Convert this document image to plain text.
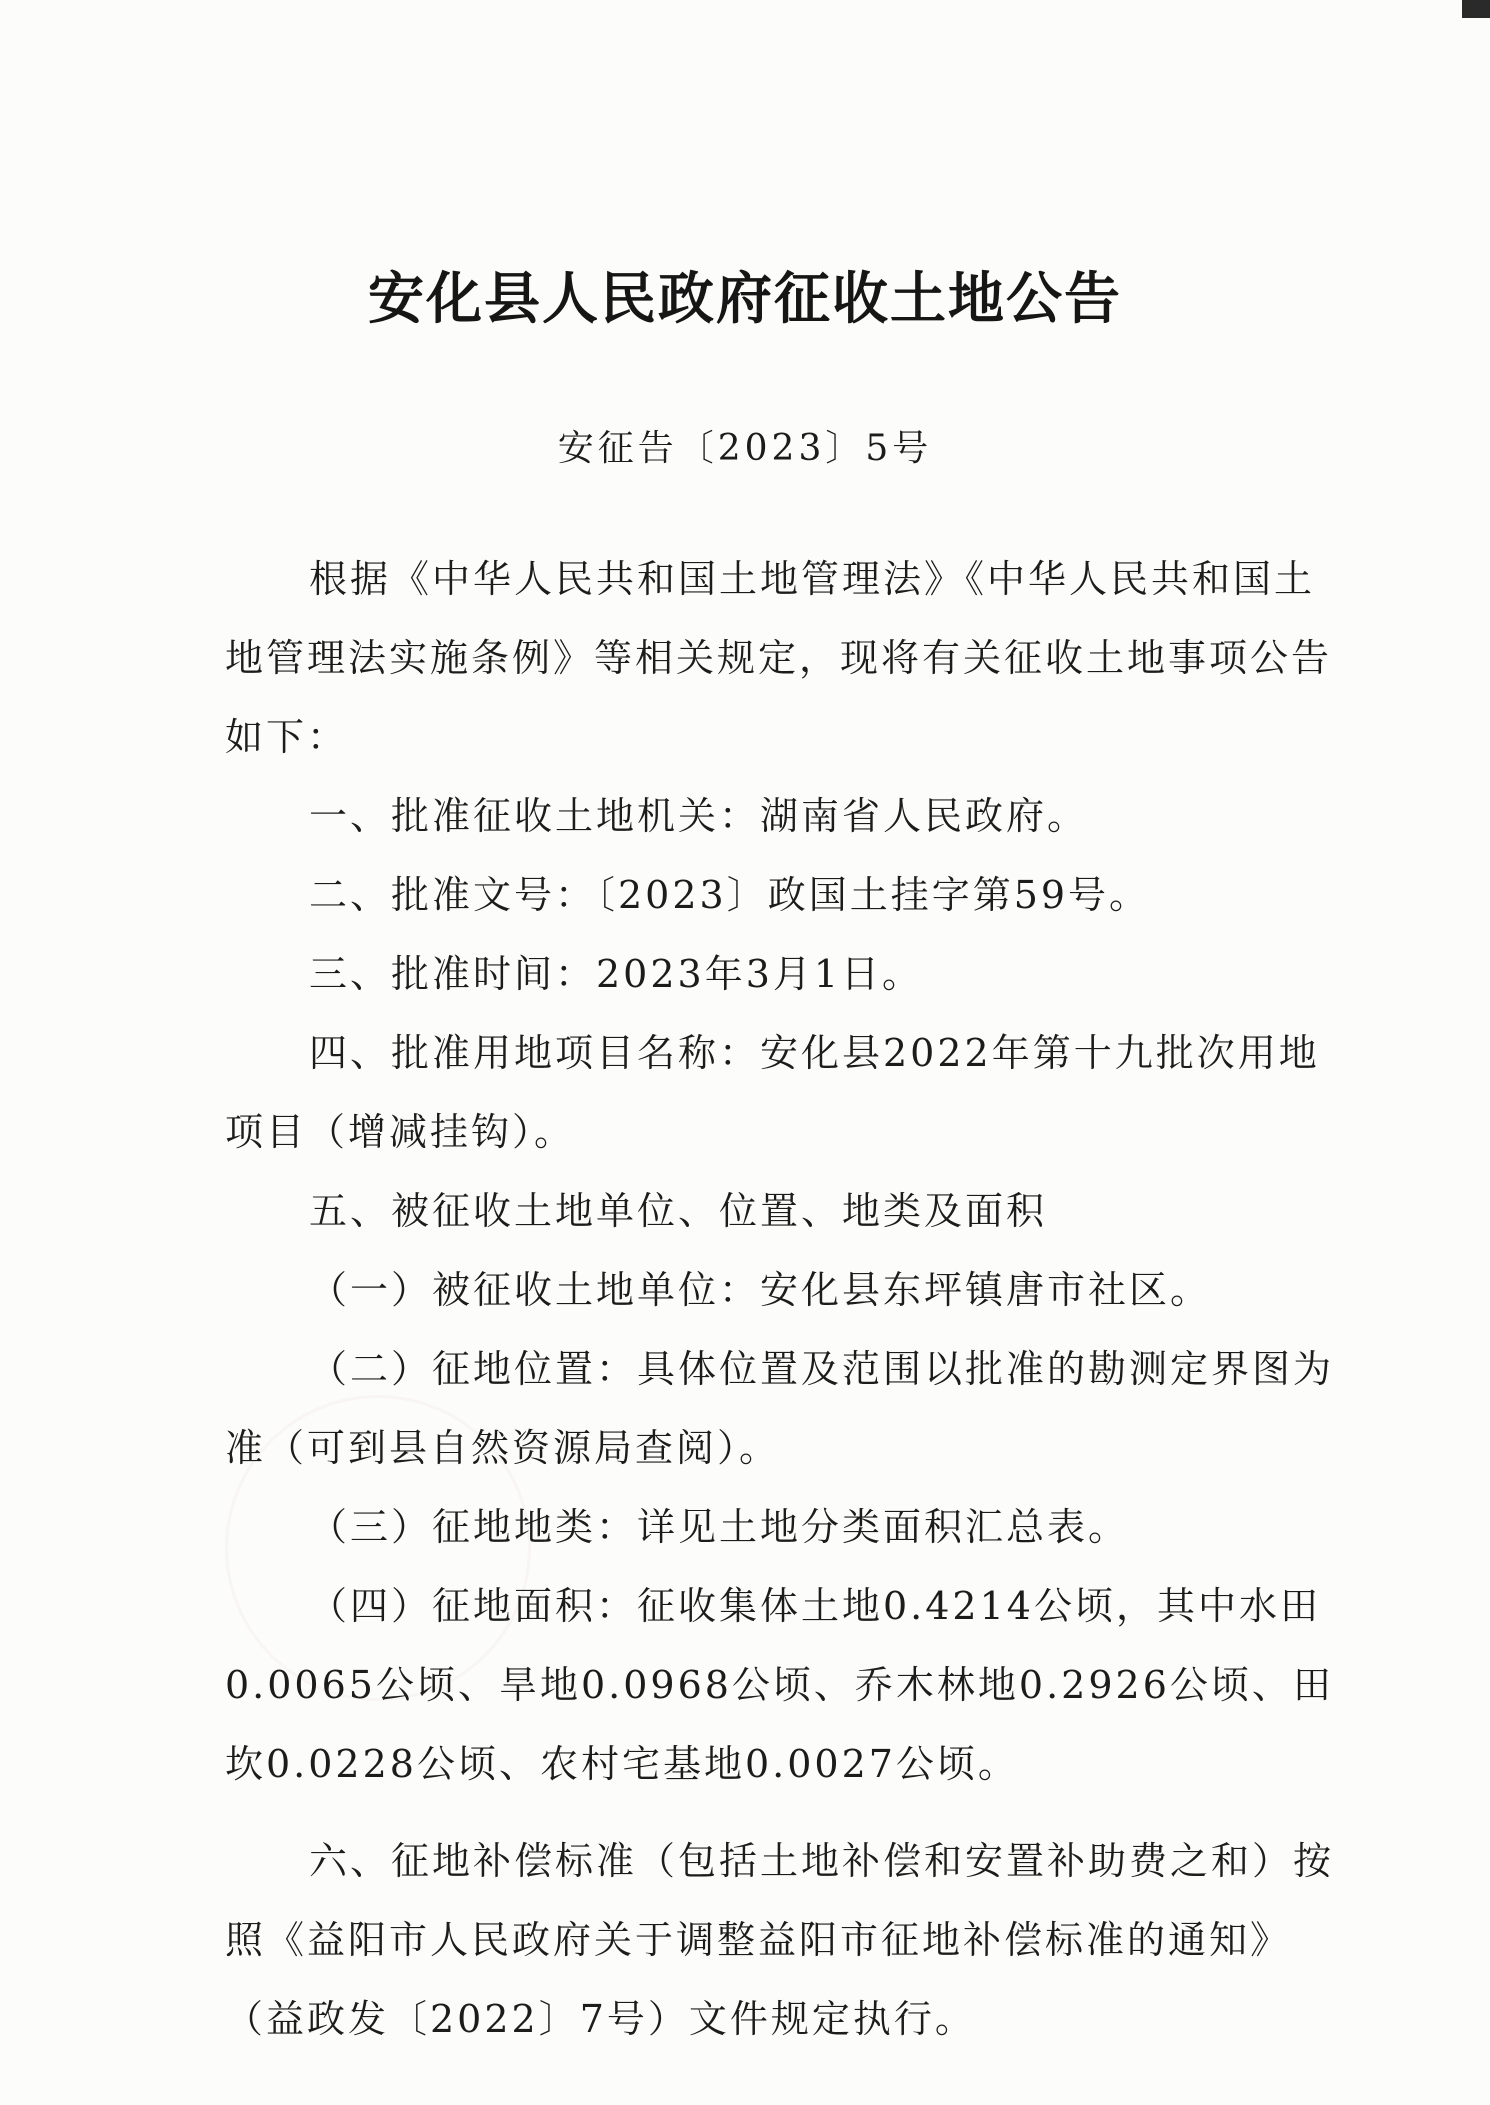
安化县人民政府征收土地公告
安征告〔2023〕5号

根据《中华人民共和国土地管理法》《中华人民共和国土地管理法实施条例》等相关规定，现将有关征收土地事项公告如下：

一、批准征收土地机关：湖南省人民政府。

二、批准文号：〔2023〕政国土挂字第59号。

三、批准时间：2023年3月1日。

四、批准用地项目名称：安化县2022年第十九批次用地项目（增减挂钩）。

五、被征收土地单位、位置、地类及面积

（一）被征收土地单位：安化县东坪镇唐市社区。

（二）征地位置：具体位置及范围以批准的勘测定界图为准（可到县自然资源局查阅）。

（三）征地地类：详见土地分类面积汇总表。

（四）征地面积：征收集体土地0.4214公顷，其中水田0.0065公顷、旱地0.0968公顷、乔木林地0.2926公顷、田坎0.0228公顷、农村宅基地0.0027公顷。

六、征地补偿标准（包括土地补偿和安置补助费之和）按照《益阳市人民政府关于调整益阳市征地补偿标准的通知》（益政发〔2022〕7号）文件规定执行。
